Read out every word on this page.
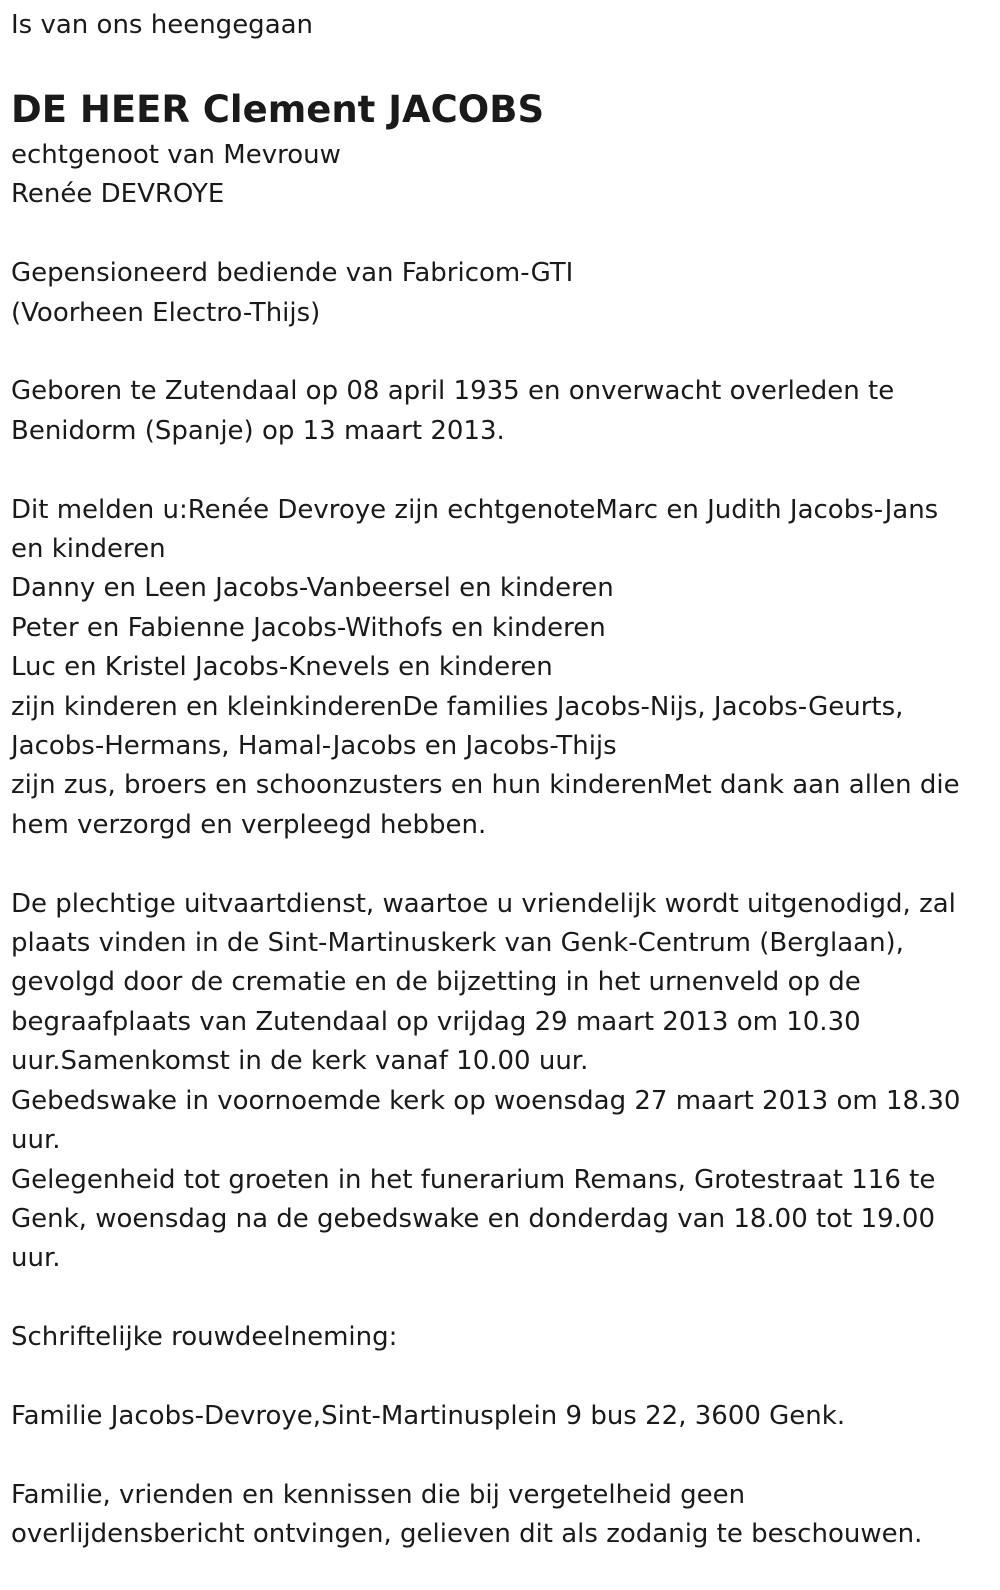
Is van ons heengegaan

DE HEER Clement JACOBS

echtgenoot van Mevrouw

Renée DEVROYE

Gepensioneerd bediende van Fabricom-GTI

(Voorheen Electro-Thijs)

Geboren te Zutendaal op 08 april 1935 en onverwacht overleden te

Benidorm (Spanje) op 13 maart 2013.

Dit melden u:Renée Devroye zijn echtgenoteMarc en Judith Jacobs-Jans

en kinderen

Danny en Leen Jacobs-Vanbeersel en kinderen

Peter en Fabienne Jacobs-Withofs en kinderen

Luc en Kristel Jacobs-Knevels en kinderen

zijn kinderen en kleinkinderenDe families Jacobs-Nijs, Jacobs-Geurts,

Jacobs-Hermans, Hamal-Jacobs en Jacobs-Thijs

zijn zus, broers en schoonzusters en hun kinderenMet dank aan allen die

hem verzorgd en verpleegd hebben.

De plechtige uitvaartdienst, waartoe u vriendelijk wordt uitgenodigd, zal

plaats vinden in de Sint-Martinuskerk van Genk-Centrum (Berglaan),

gevolgd door de crematie en de bijzetting in het urnenveld op de

begraafplaats van Zutendaal op vrijdag 29 maart 2013 om 10.30

uur.Samenkomst in de kerk vanaf 10.00 uur.

Gebedswake in voornoemde kerk op woensdag 27 maart 2013 om 18.30

uur.

Gelegenheid tot groeten in het funerarium Remans, Grotestraat 116 te

Genk, woensdag na de gebedswake en donderdag van 18.00 tot 19.00

uur.

Schriftelijke rouwdeelneming:

Familie Jacobs-Devroye,Sint-Martinusplein 9 bus 22, 3600 Genk.

Familie, vrienden en kennissen die bij vergetelheid geen

overlijdensbericht ontvingen, gelieven dit als zodanig te beschouwen.
